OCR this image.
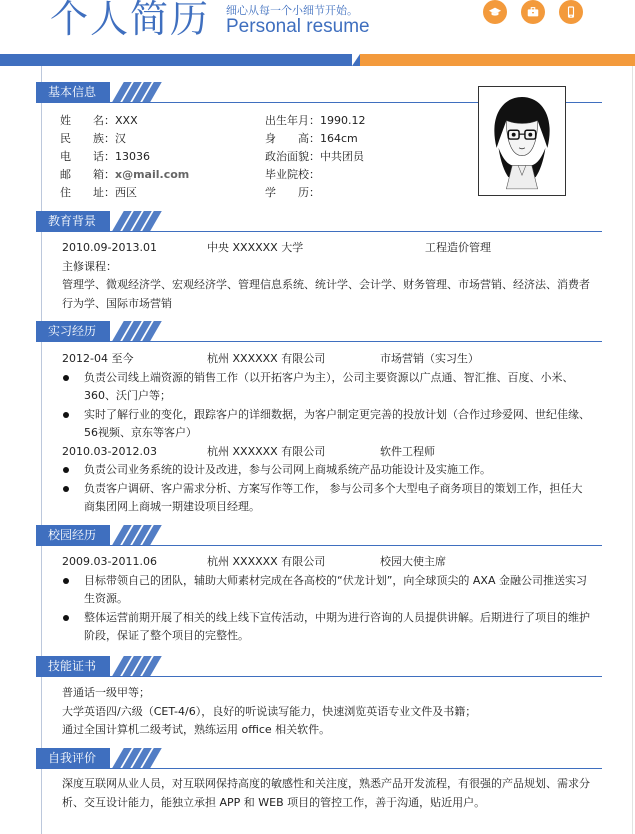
个人简历 细心从每一个小细节开始。
Personal resume
基本信息
姓　　名：XXX	出生年月：1990.12
民　　族：汉	身　　高：164cm
电　　话：13036	政治面貌：中共团员
邮　　箱：x@mail.com	毕业院校：
住　　址：西区	学　　历：
教育背景
2010.09-2013.01	中央 XXXXXX 大学	工程造价管理
主修课程：
管理学、微观经济学、宏观经济学、管理信息系统、统计学、会计学、财务管理、市场营销、经济法、消费者行为学、国际市场营销
实习经历
2012-04 至今	杭州 XXXXXX 有限公司	市场营销（实习生）
负责公司线上端资源的销售工作（以开拓客户为主），公司主要资源以广点通、智汇推、百度、小米、360、沃门户等；
实时了解行业的变化，跟踪客户的详细数据，为客户制定更完善的投放计划（合作过珍爱网、世纪佳缘、56视频、京东等客户）
2010.03-2012.03	杭州 XXXXXX 有限公司	软件工程师
负责公司业务系统的设计及改进，参与公司网上商城系统产品功能设计及实施工作。
负责客户调研、客户需求分析、方案写作等工作， 参与公司多个大型电子商务项目的策划工作，担任大商集团网上商城一期建设项目经理。
校园经历
2009.03-2011.06	杭州 XXXXXX 有限公司	校园大使主席
目标带领自己的团队，辅助大师素材完成在各高校的“伏龙计划”，向全球顶尖的 AXA 金融公司推送实习生资源。
整体运营前期开展了相关的线上线下宣传活动，中期为进行咨询的人员提供讲解。后期进行了项目的维护阶段，保证了整个项目的完整性。
技能证书
普通话一级甲等；
大学英语四/六级（CET-4/6），良好的听说读写能力，快速浏览英语专业文件及书籍；
通过全国计算机二级考试，熟练运用 office 相关软件。
自我评价
深度互联网从业人员，对互联网保持高度的敏感性和关注度，熟悉产品开发流程，有很强的产品规划、需求分析、交互设计能力，能独立承担 APP 和 WEB 项目的管控工作，善于沟通，贴近用户。
